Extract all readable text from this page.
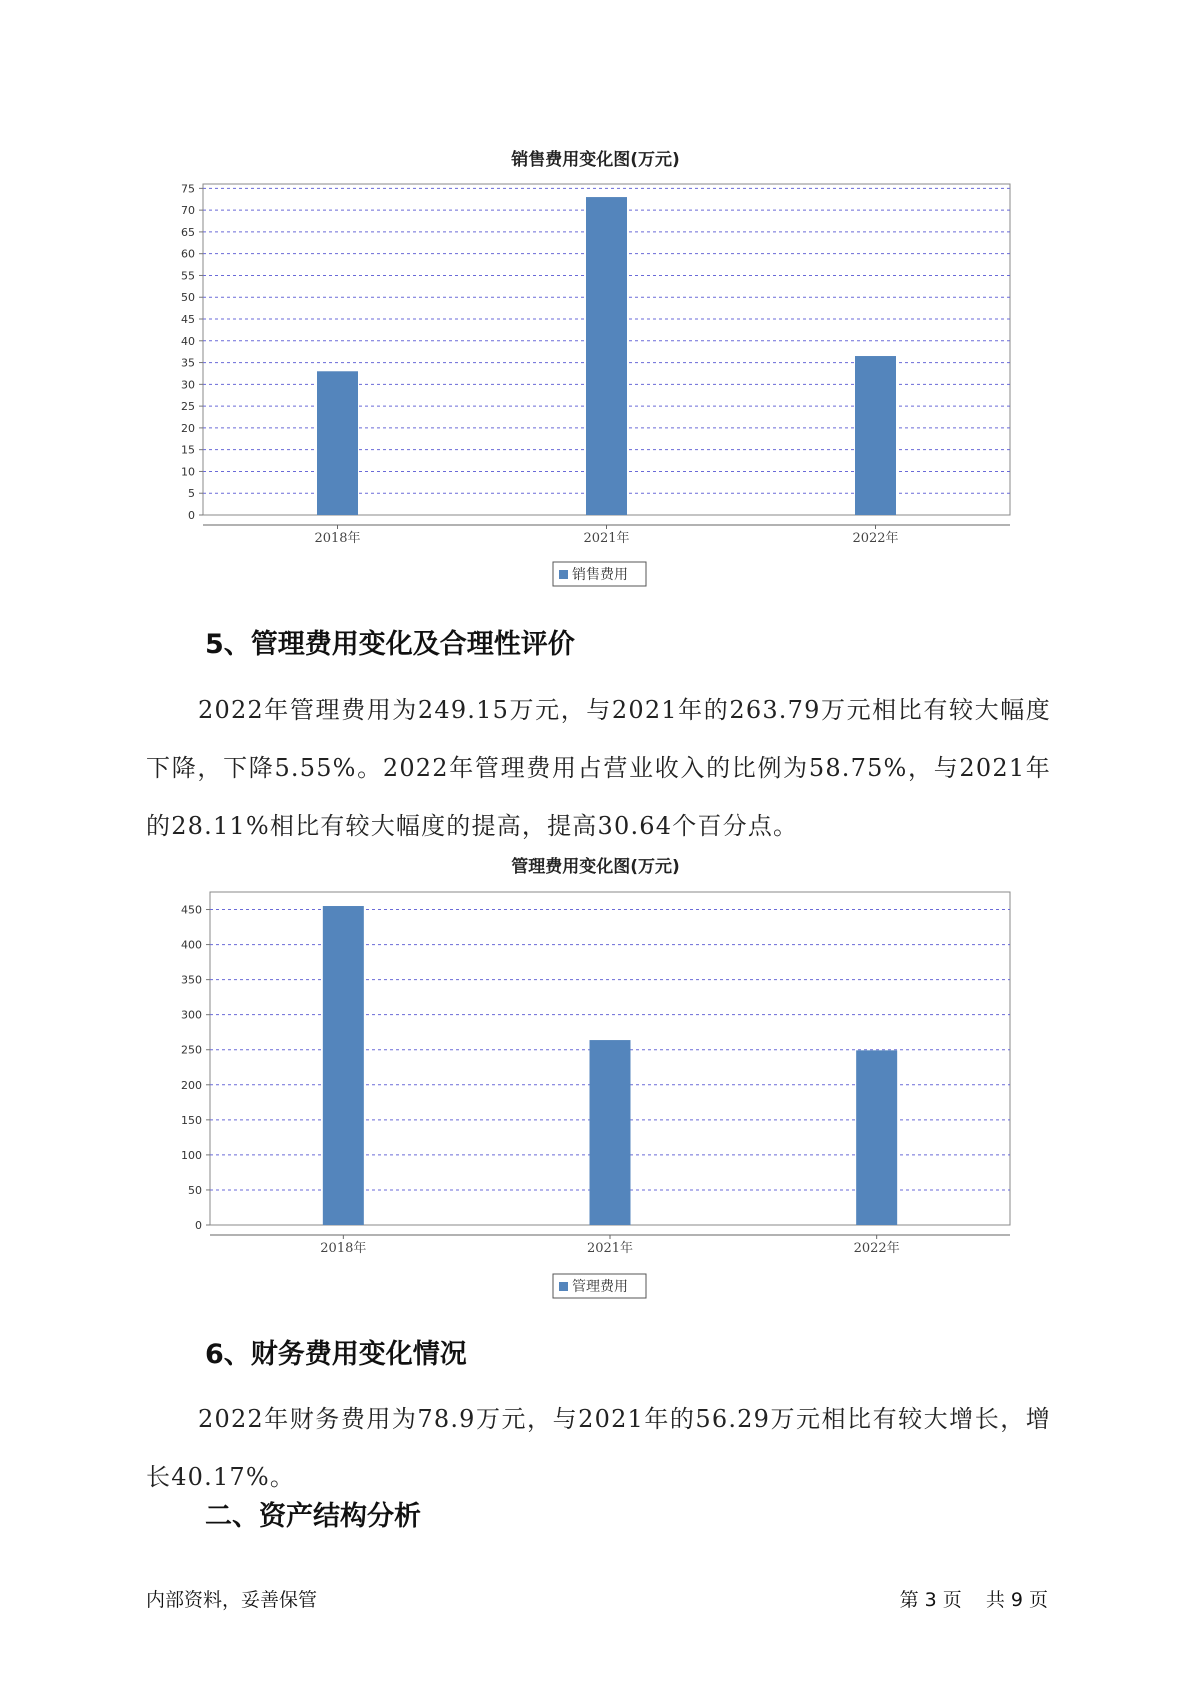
销售费用变化图(万元)
0
5
10
15
20
25
30
35
40
45
50
55
60
65
70
75
2018年	2021年	2022年
销售费用
5、管理费用变化及合理性评价

2022年管理费用为249.15万元，与2021年的263.79万元相比有较大幅度下降，下降5.55%。2022年管理费用占营业收入的比例为58.75%，与2021年的28.11%相比有较大幅度的提高，提高30.64个百分点。

管理费用变化图(万元)
0
50
100
150
200
250
300
350
400
450
2018年	2021年	2022年
管理费用
6、财务费用变化情况

2022年财务费用为78.9万元，与2021年的56.29万元相比有较大增长，增长40.17%。

二、资产结构分析
内部资料，妥善保管	第 3 页 共 9 页
